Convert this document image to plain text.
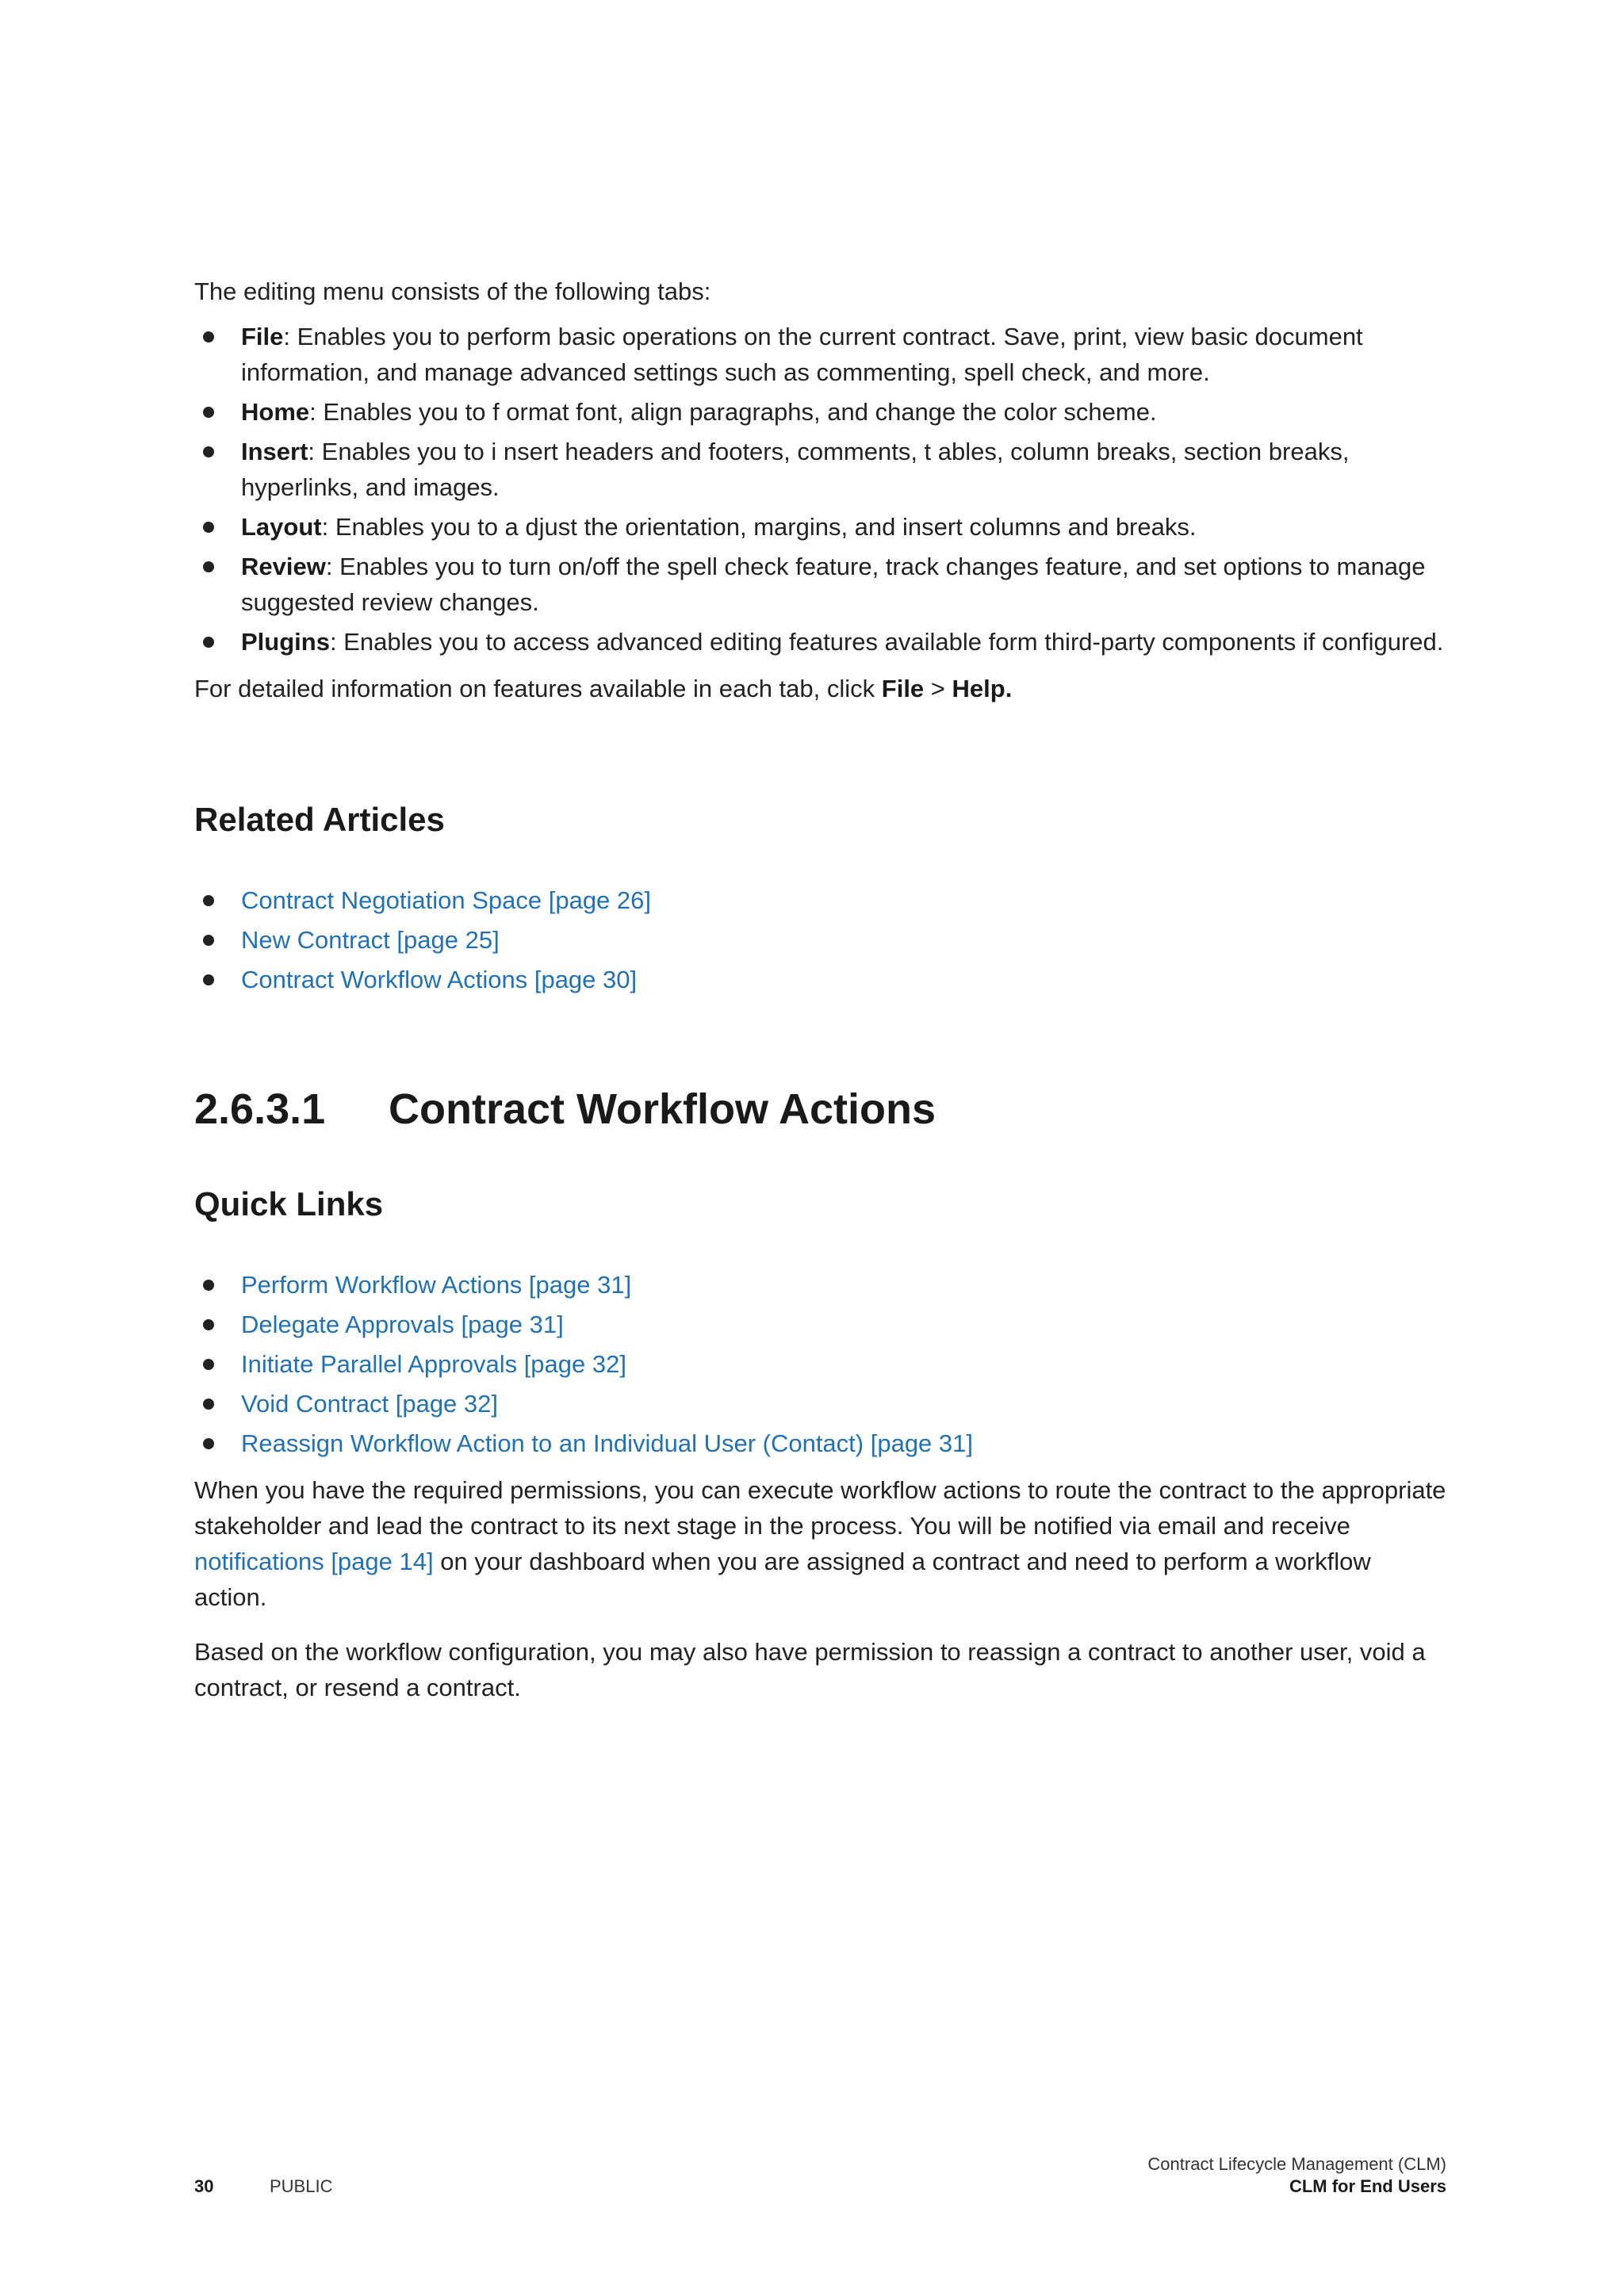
The editing menu consists of the following tabs:

File: Enables you to perform basic operations on the current contract. Save, print, view basic document information, and manage advanced settings such as commenting, spell check, and more.
Home: Enables you to f ormat font, align paragraphs, and change the color scheme.
Insert: Enables you to i nsert headers and footers, comments, t ables, column breaks, section breaks, hyperlinks, and images.
Layout: Enables you to a djust the orientation, margins, and insert columns and breaks.
Review: Enables you to turn on/off the spell check feature, track changes feature, and set options to manage suggested review changes.
Plugins: Enables you to access advanced editing features available form third-party components if configured.

For detailed information on features available in each tab, click File > Help.

Related Articles
Contract Negotiation Space [page 26]
New Contract [page 25]
Contract Workflow Actions [page 30]
2.6.3.1	Contract Workflow Actions
Quick Links
Perform Workflow Actions [page 31]
Delegate Approvals [page 31]
Initiate Parallel Approvals [page 32]
Void Contract [page 32]
Reassign Workflow Action to an Individual User (Contact) [page 31]

When you have the required permissions, you can execute workflow actions to route the contract to the appropriate stakeholder and lead the contract to its next stage in the process. You will be notified via email and receive notifications [page 14] on your dashboard when you are assigned a contract and need to perform a workflow action.

Based on the workflow configuration, you may also have permission to reassign a contract to another user, void a contract, or resend a contract.

30	PUBLIC
Contract Lifecycle Management (CLM)
CLM for End Users
